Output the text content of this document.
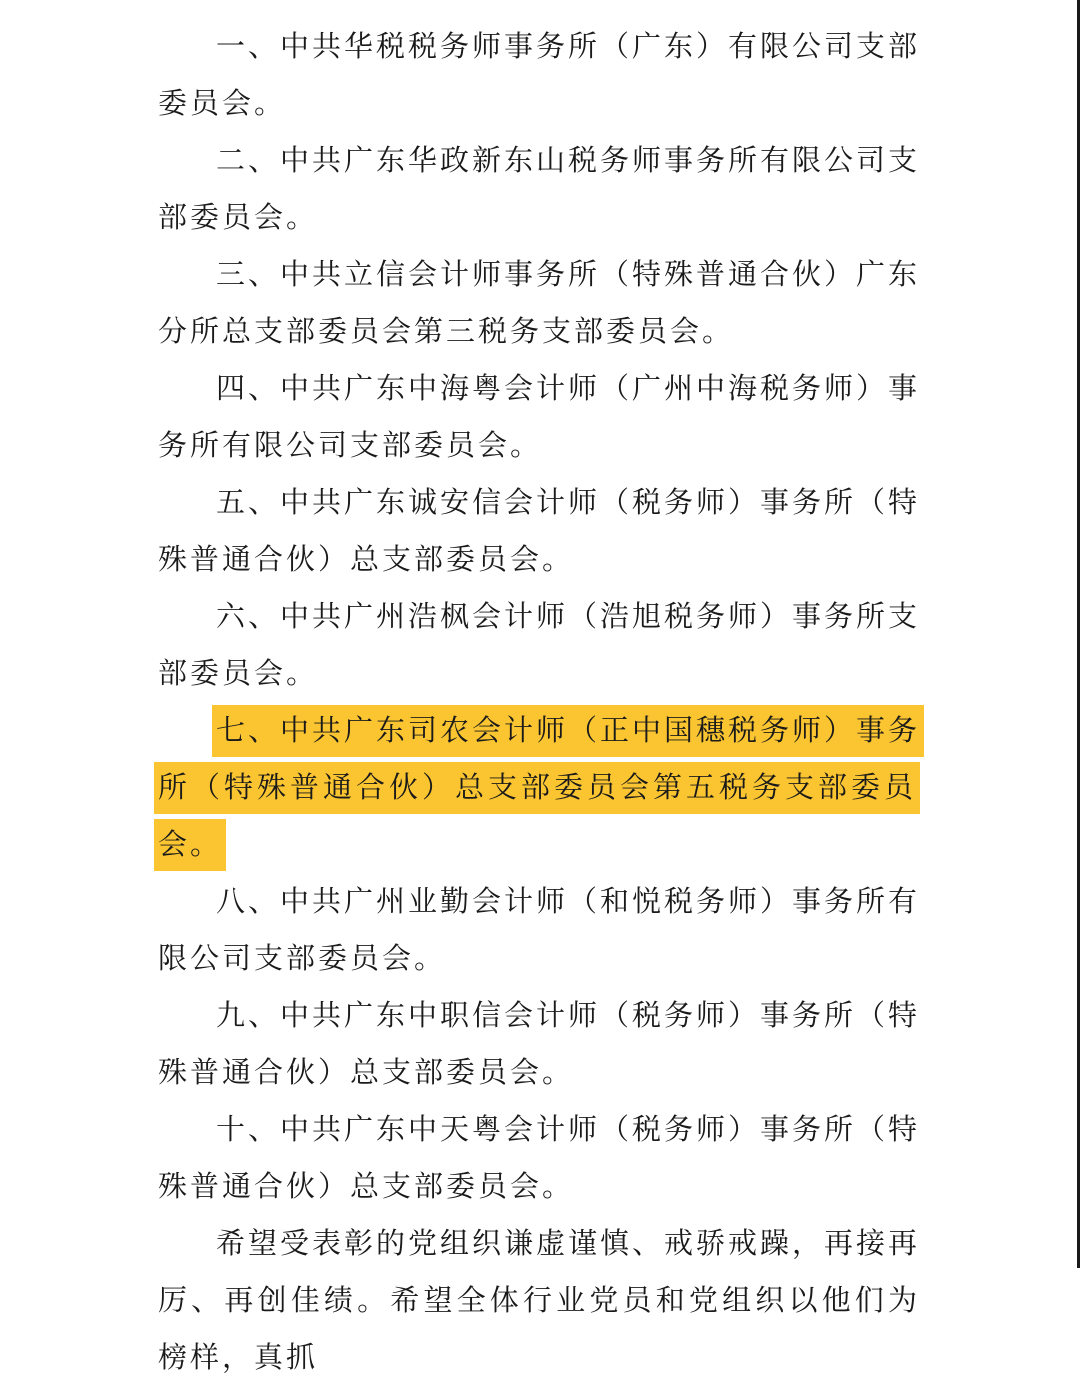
一、中共华税税务师事务所（广东）有限公司支部委员会。

二、中共广东华政新东山税务师事务所有限公司支部委员会。

三、中共立信会计师事务所（特殊普通合伙）广东分所总支部委员会第三税务支部委员会。

四、中共广东中海粤会计师（广州中海税务师）事务所有限公司支部委员会。

五、中共广东诚安信会计师（税务师）事务所（特殊普通合伙）总支部委员会。

六、中共广州浩枫会计师（浩旭税务师）事务所支部委员会。

七、中共广东司农会计师（正中国穗税务师）事务所（特殊普通合伙）总支部委员会第五税务支部委员会。

八、中共广州业勤会计师（和悦税务师）事务所有限公司支部委员会。

九、中共广东中职信会计师（税务师）事务所（特殊普通合伙）总支部委员会。

十、中共广东中天粤会计师（税务师）事务所（特殊普通合伙）总支部委员会。

希望受表彰的党组织谦虚谨慎、戒骄戒躁，再接再厉、再创佳绩。希望全体行业党员和党组织以他们为榜样，真抓
